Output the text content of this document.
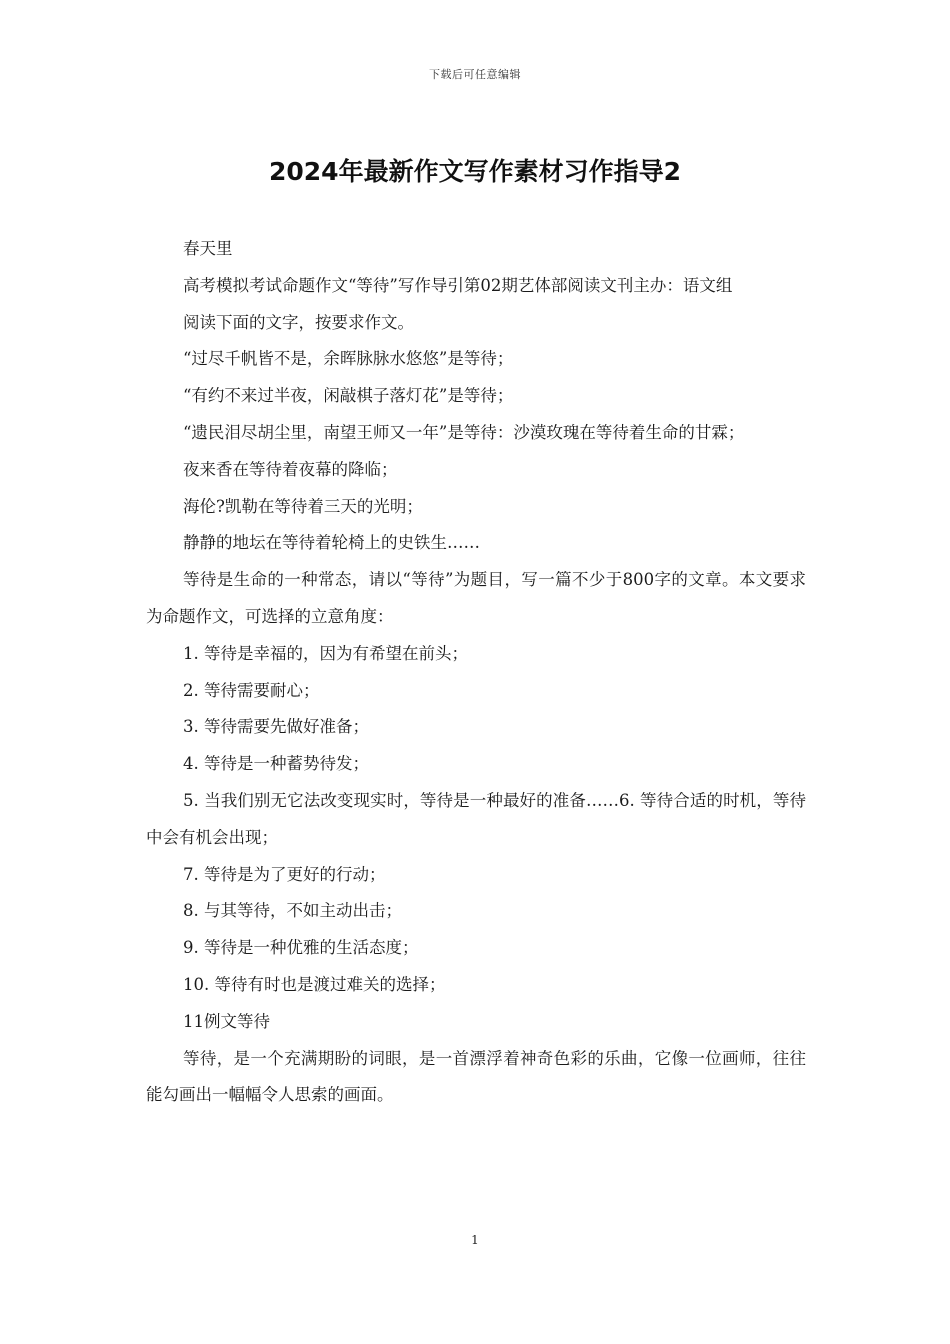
下载后可任意编辑
2024年最新作文写作素材习作指导2

春天里

高考模拟考试命题作文“等待”写作导引第02期艺体部阅读文刊主办：语文组

阅读下面的文字，按要求作文。

“过尽千帆皆不是，余晖脉脉水悠悠”是等待；

“有约不来过半夜，闲敲棋子落灯花”是等待；

“遗民泪尽胡尘里，南望王师又一年”是等待：沙漠玫瑰在等待着生命的甘霖；

夜来香在等待着夜幕的降临；

海伦?凯勒在等待着三天的光明；

静静的地坛在等待着轮椅上的史铁生……

等待是生命的一种常态，请以“等待”为题目，写一篇不少于800字的文章。本文要求为命题作文，可选择的立意角度：

1. 等待是幸福的，因为有希望在前头；

2. 等待需要耐心；

3. 等待需要先做好准备；

4. 等待是一种蓄势待发；

5. 当我们别无它法改变现实时，等待是一种最好的准备……6. 等待合适的时机，等待中会有机会出现；

7. 等待是为了更好的行动；

8. 与其等待，不如主动出击；

9. 等待是一种优雅的生活态度；

10. 等待有时也是渡过难关的选择；

11例文等待

等待，是一个充满期盼的词眼，是一首漂浮着神奇色彩的乐曲，它像一位画师，往往能勾画出一幅幅令人思索的画面。

1
